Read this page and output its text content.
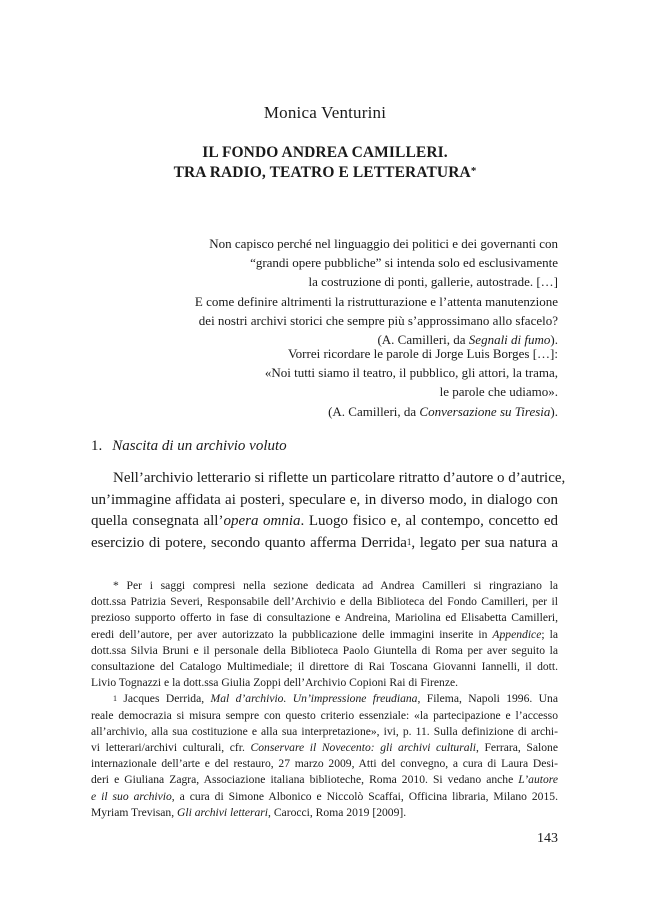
Monica Venturini
IL FONDO ANDREA CAMILLERI.
TRA RADIO, TEATRO E LETTERATURA*
Non capisco perché nel linguaggio dei politici e dei governanti con
“grandi opere pubbliche” si intenda solo ed esclusivamente
la costruzione di ponti, gallerie, autostrade. […]
E come definire altrimenti la ristrutturazione e l’attenta manutenzione
dei nostri archivi storici che sempre più s’approssimano allo sfacelo?
(A. Camilleri, da Segnali di fumo).
Vorrei ricordare le parole di Jorge Luis Borges […]:
«Noi tutti siamo il teatro, il pubblico, gli attori, la trama,
le parole che udiamo».
(A. Camilleri, da Conversazione su Tiresia).
1. Nascita di un archivio voluto
Nell’archivio letterario si riflette un particolare ritratto d’autore o d’autrice,
un’immagine affidata ai posteri, speculare e, in diverso modo, in dialogo con
quella consegnata all’opera omnia. Luogo fisico e, al contempo, concetto ed
esercizio di potere, secondo quanto afferma Derrida$^1$, legato per sua natura a
* Per i saggi compresi nella sezione dedicata ad Andrea Camilleri si ringraziano la
dott.ssa Patrizia Severi, Responsabile dell’Archivio e della Biblioteca del Fondo Camilleri, per il
prezioso supporto offerto in fase di consultazione e Andreina, Mariolina ed Elisabetta Camilleri,
eredi dell’autore, per aver autorizzato la pubblicazione delle immagini inserite in Appendice; la
dott.ssa Silvia Bruni e il personale della Biblioteca Paolo Giuntella di Roma per aver seguito la
consultazione del Catalogo Multimediale; il direttore di Rai Toscana Giovanni Iannelli, il dott.
Livio Tognazzi e la dott.ssa Giulia Zoppi dell’Archivio Copioni Rai di Firenze.
$^1$ Jacques Derrida, Mal d’archivio. Un’impressione freudiana, Filema, Napoli 1996. Una
reale democrazia si misura sempre con questo criterio essenziale: «la partecipazione e l’accesso
all’archivio, alla sua costituzione e alla sua interpretazione», ivi, p. 11. Sulla definizione di archi-
vi letterari/archivi culturali, cfr. Conservare il Novecento: gli archivi culturali, Ferrara, Salone
internazionale dell’arte e del restauro, 27 marzo 2009, Atti del convegno, a cura di Laura Desi-
deri e Giuliana Zagra, Associazione italiana biblioteche, Roma 2010. Si vedano anche L’autore
e il suo archivio, a cura di Simone Albonico e Niccolò Scaffai, Officina libraria, Milano 2015.
Myriam Trevisan, Gli archivi letterari, Carocci, Roma 2019 [2009].
143
